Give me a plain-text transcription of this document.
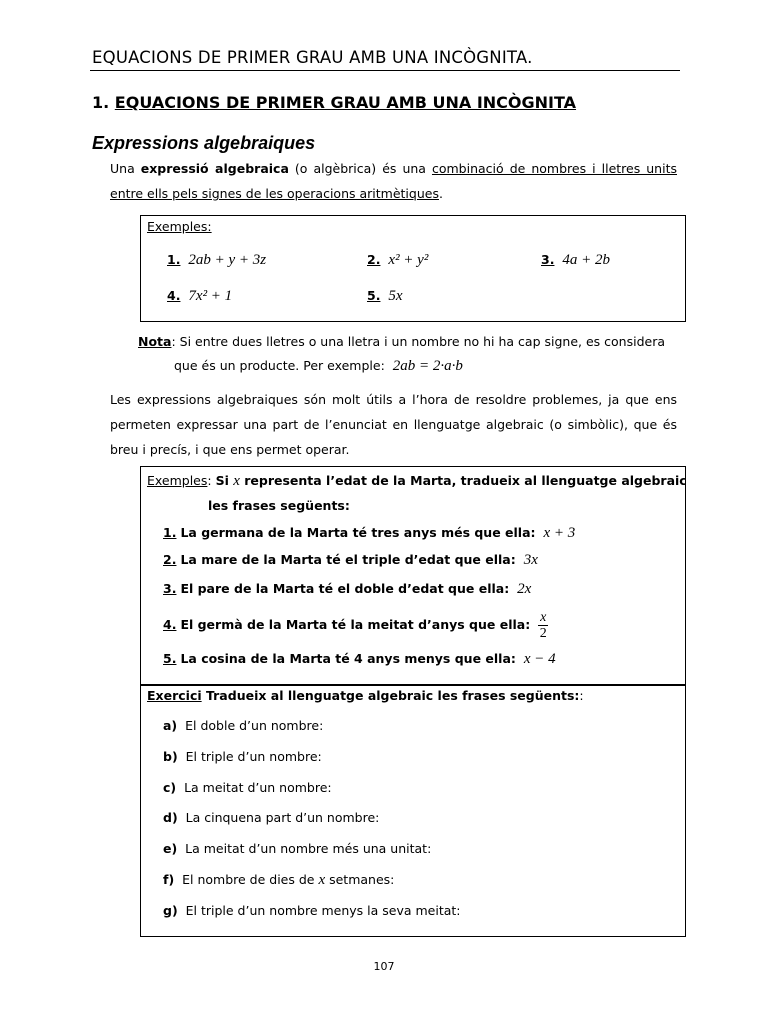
EQUACIONS DE PRIMER GRAU AMB UNA INCÒGNITA.
1. EQUACIONS DE PRIMER GRAU AMB UNA INCÒGNITA
Expressions algebraiques
Una expressió algebraica (o algèbrica) és una combinació de nombres i lletres units entre ells pels signes de les operacions aritmètiques.
Exemples:
1. 2ab + y + 3z	2. x² + y²	3. 4a + 2b
4. 7x² + 1	5. 5x
Nota: Si entre dues lletres o una lletra i un nombre no hi ha cap signe, es considera
que és un producte. Per exemple: 2ab = 2·a·b
Les expressions algebraiques són molt útils a l’hora de resoldre problemes, ja que ens permeten expressar una part de l’enunciat en llenguatge algebraic (o simbòlic), que és breu i precís, i que ens permet operar.
Exemples: Si x representa l’edat de la Marta, tradueix al llenguatge algebraic
les frases següents:
1. La germana de la Marta té tres anys més que ella: x + 3
2. La mare de la Marta té el triple d’edat que ella: 3x
3. El pare de la Marta té el doble d’edat que ella: 2x
4. El germà de la Marta té la meitat d’anys que ella: $\frac{x}{2}$
5. La cosina de la Marta té 4 anys menys que ella: x − 4
Exercici Tradueix al llenguatge algebraic les frases següents::
a) El doble d’un nombre:
b) El triple d’un nombre:
c) La meitat d’un nombre:
d) La cinquena part d’un nombre:
e) La meitat d’un nombre més una unitat:
f) El nombre de dies de x setmanes:
g) El triple d’un nombre menys la seva meitat:
107
